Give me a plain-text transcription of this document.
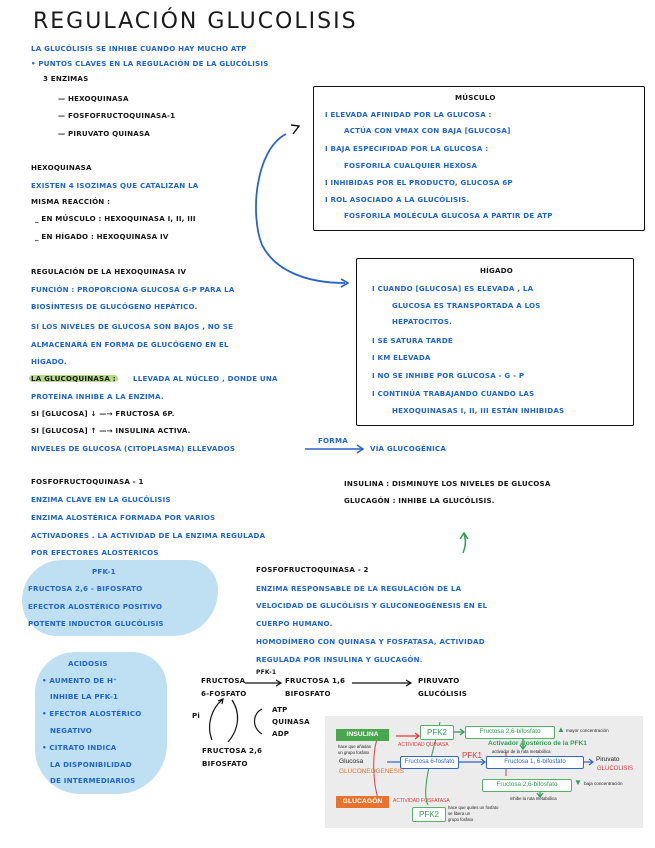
REGULACIÓN GLUCOLISIS
LA GLUCÓLISIS SE INHIBE CUANDO HAY MUCHO ATP
• PUNTOS CLAVES EN LA REGULACIÓN DE LA GLUCÓLISIS
3 ENZIMAS
— HEXOQUINASA
— FOSFOFRUCTOQUINASA-1
— PIRUVATO QUINASA
MÚSCULO
I ELEVADA AFINIDAD POR LA GLUCOSA :
ACTÚA CON VMAX CON BAJA [GLUCOSA]
I BAJA ESPECIFIDAD POR LA GLUCOSA :
FOSFORILA CUALQUIER HEXOSA
I INHIBIDAS POR EL PRODUCTO, GLUCOSA 6P
I ROL ASOCIADO A LA GLUCÓLISIS.
FOSFORILA MOLÉCULA GLUCOSA A PARTIR DE ATP
HEXOQUINASA
EXISTEN 4 ISOZIMAS QUE CATALIZAN LA
MISMA REACCIÓN :
_ EN MÚSCULO : HEXOQUINASA I, II, III
_ EN HÍGADO : HEXOQUINASA IV
HÍGADO
I CUANDO [GLUCOSA] ES ELEVADA , LA
GLUCOSA ES TRANSPORTADA A LOS
HEPATOCITOS.
I SE SATURA TARDE
I KM ELEVADA
I NO SE INHIBE POR GLUCOSA - G - P
I CONTINÚA TRABAJANDO CUANDO LAS
HEXOQUINASAS I, II, III ESTÁN INHIBIDAS
REGULACIÓN DE LA HEXOQUINASA IV
FUNCIÓN : PROPORCIONA GLUCOSA G-P PARA LA
BIOSÍNTESIS DE GLUCÓGENO HEPÁTICO.
SI LOS NIVELES DE GLUCOSA SON BAJOS , NO SE
ALMACENARÁ EN FORMA DE GLUCÓGENO EN EL
HÍGADO.
LA GLUCOQUINASA : LLEVADA AL NÚCLEO , DONDE UNA
PROTEÍNA INHIBE A LA ENZIMA.
SI [GLUCOSA] ↓ —→ FRUCTOSA 6P.
SI [GLUCOSA] ↑ —→ INSULINA ACTIVA.
NIVELES DE GLUCOSA (CITOPLASMA) ELLEVADOS
FORMA
VÍA GLUCOGÉNICA
FOSFOFRUCTOQUINASA - 1
ENZIMA CLAVE EN LA GLUCÓLISIS
ENZIMA ALOSTÉRICA FORMADA POR VARIOS
ACTIVADORES . LA ACTIVIDAD DE LA ENZIMA REGULADA
POR EFECTORES ALOSTÉRICOS
PFK-1
FRUCTOSA 2,6 - BIFOSFATO
EFECTOR ALOSTÉRICO POSITIVO
POTENTE INDUCTOR GLUCÓLISIS
INSULINA : DISMINUYE LOS NIVELES DE GLUCOSA
GLUCAGÓN : INHIBE LA GLUCÓLISIS.
FOSFOFRUCTOQUINASA - 2
ENZIMA RESPONSABLE DE LA REGULACIÓN DE LA
VELOCIDAD DE GLUCÓLISIS Y GLUCONEOGÉNESIS EN EL
CUERPO HUMANO.
HOMODÍMERO CON QUINASA Y FOSFATASA, ACTIVIDAD
REGULADA POR INSULINA Y GLUCAGÓN.
ACIDOSIS
• AUMENTO DE H⁺
INHIBE LA PFK-1
• EFECTOR ALOSTÉRICO
NEGATIVO
• CITRATO INDICA
LA DISPONIBILIDAD
DE INTERMEDIARIOS
FRUCTOSA
6-FOSFATO
PFK-1
FRUCTOSA 1,6
BIFOSFATO
PIRUVATO
GLUCÓLISIS
Pi
ATP
QUINASA
ADP
FRUCTOSA 2,6
BIFOSFATO
INSULINA
hace que añadas
un grupo fosfato
PFK2	Fructosa 2,6-bifosfato	▲ mayor concentración
ACTIVIDAD QUINASA	Activador alostérico de la PFK1
activador de la ruta metabólica
Glucosa	Fructosa 6-fosfato
PFK1
Fructosa 1, 6-bifosfato	Piruvato
GLUCOLISIS
GLUCONEOGENESIS
Fructosa 2,6-bifosfato	▼ baja concentración
inhibe la ruta metabólica
GLUCAGÓN	ACTIVIDAD FOSFATASA
hace que quites un fosfato
se libera un
grupo fosfato
PFK2
